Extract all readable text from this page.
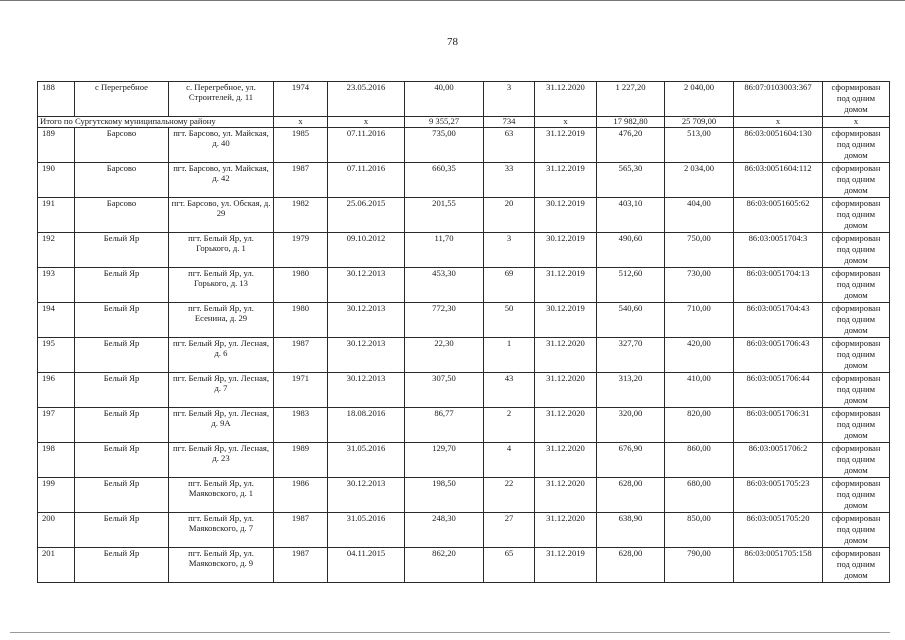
78
188	с Перегребное	с. Перегребное, ул. Строителей, д. 11	1974	23.05.2016	40,00	3	31.12.2020	1 227,20	2 040,00	86:07:0103003:367	сформирован под одним домом
Итого по Сургутскому муниципальному району			х	х	9 355,27	734	х	17 982,80	25 709,00	х	х
189	Барсово	пгт. Барсово, ул. Майская, д. 40	1985	07.11.2016	735,00	63	31.12.2019	476,20	513,00	86:03:0051604:130	сформирован под одним домом
190	Барсово	пгт. Барсово, ул. Майская, д. 42	1987	07.11.2016	660,35	33	31.12.2019	565,30	2 034,00	86:03:0051604:112	сформирован под одним домом
191	Барсово	пгт. Барсово, ул. Обская, д. 29	1982	25.06.2015	201,55	20	30.12.2019	403,10	404,00	86:03:0051605:62	сформирован под одним домом
192	Белый Яр	пгт. Белый Яр, ул. Горького, д. 1	1979	09.10.2012	11,70	3	30.12.2019	490,60	750,00	86:03:0051704:3	сформирован под одним домом
193	Белый Яр	пгт. Белый Яр, ул. Горького, д. 13	1980	30.12.2013	453,30	69	31.12.2019	512,60	730,00	86:03:0051704:13	сформирован под одним домом
194	Белый Яр	пгт. Белый Яр, ул. Есенина, д. 29	1980	30.12.2013	772,30	50	30.12.2019	540,60	710,00	86:03:0051704:43	сформирован под одним домом
195	Белый Яр	пгт. Белый Яр, ул. Лесная, д. 6	1987	30.12.2013	22,30	1	31.12.2020	327,70	420,00	86:03:0051706:43	сформирован под одним домом
196	Белый Яр	пгт. Белый Яр, ул. Лесная, д. 7	1971	30.12.2013	307,50	43	31.12.2020	313,20	410,00	86:03:0051706:44	сформирован под одним домом
197	Белый Яр	пгт. Белый Яр, ул. Лесная, д. 9А	1983	18.08.2016	86,77	2	31.12.2020	320,00	820,00	86:03:0051706:31	сформирован под одним домом
198	Белый Яр	пгт. Белый Яр, ул. Лесная, д. 23	1989	31.05.2016	129,70	4	31.12.2020	676,90	860,00	86:03:0051706:2	сформирован под одним домом
199	Белый Яр	пгт. Белый Яр, ул. Маяковского, д. 1	1986	30.12.2013	198,50	22	31.12.2020	628,00	680,00	86:03:0051705:23	сформирован под одним домом
200	Белый Яр	пгт. Белый Яр, ул. Маяковского, д. 7	1987	31.05.2016	248,30	27	31.12.2020	638,90	850,00	86:03:0051705:20	сформирован под одним домом
201	Белый Яр	пгт. Белый Яр, ул. Маяковского, д. 9	1987	04.11.2015	862,20	65	31.12.2019	628,00	790,00	86:03:0051705:158	сформирован под одним домом
